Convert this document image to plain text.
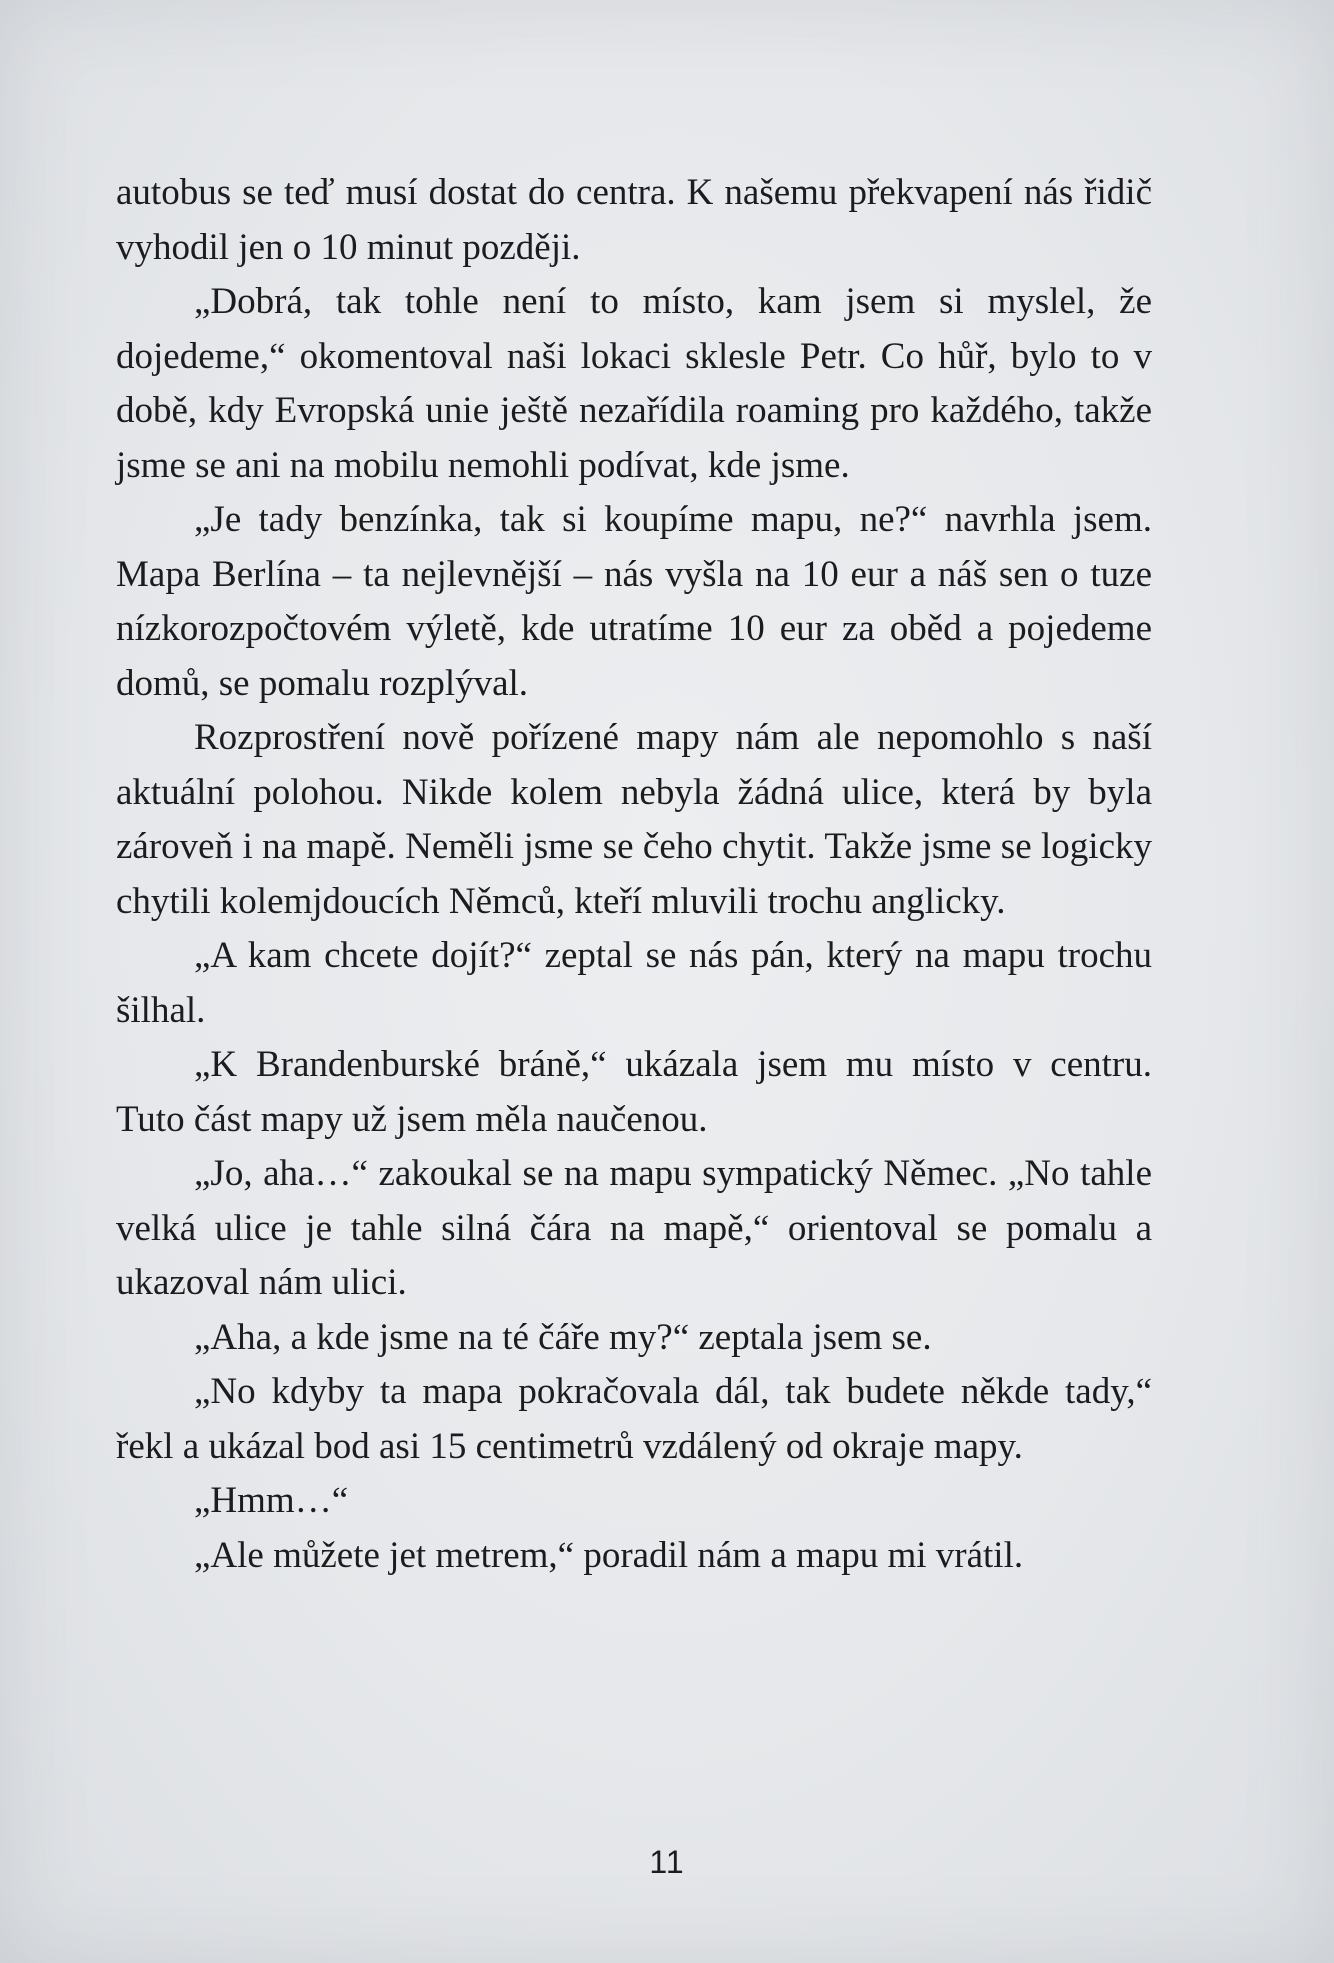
autobus se teď musí dostat do centra. K našemu překvapení nás řidič vyhodil jen o 10 minut později.

„Dobrá, tak tohle není to místo, kam jsem si myslel, že dojedeme,“ okomentoval naši lokaci sklesle Petr. Co hůř, bylo to v době, kdy Evropská unie ještě nezařídila roaming pro každého, takže jsme se ani na mobilu nemohli podívat, kde jsme.

„Je tady benzínka, tak si koupíme mapu, ne?“ navrhla jsem. Mapa Berlína – ta nejlevnější – nás vyšla na 10 eur a náš sen o tuze nízkorozpočtovém výletě, kde utratíme 10 eur za oběd a pojedeme domů, se pomalu rozplýval.

Rozprostření nově pořízené mapy nám ale nepomohlo s naší aktuální polohou. Nikde kolem nebyla žádná ulice, která by byla zároveň i na mapě. Neměli jsme se čeho chytit. Takže jsme se logicky chytili kolemjdoucích Němců, kteří mluvili trochu anglicky.

„A kam chcete dojít?“ zeptal se nás pán, který na mapu trochu šilhal.

„K Brandenburské bráně,“ ukázala jsem mu místo v centru. Tuto část mapy už jsem měla naučenou.

„Jo, aha…“ zakoukal se na mapu sympatický Němec. „No tahle velká ulice je tahle silná čára na mapě,“ orientoval se pomalu a ukazoval nám ulici.

„Aha, a kde jsme na té čáře my?“ zeptala jsem se.

„No kdyby ta mapa pokračovala dál, tak budete někde tady,“ řekl a ukázal bod asi 15 centimetrů vzdálený od okraje mapy.

„Hmm…“

„Ale můžete jet metrem,“ poradil nám a mapu mi vrátil.

11
